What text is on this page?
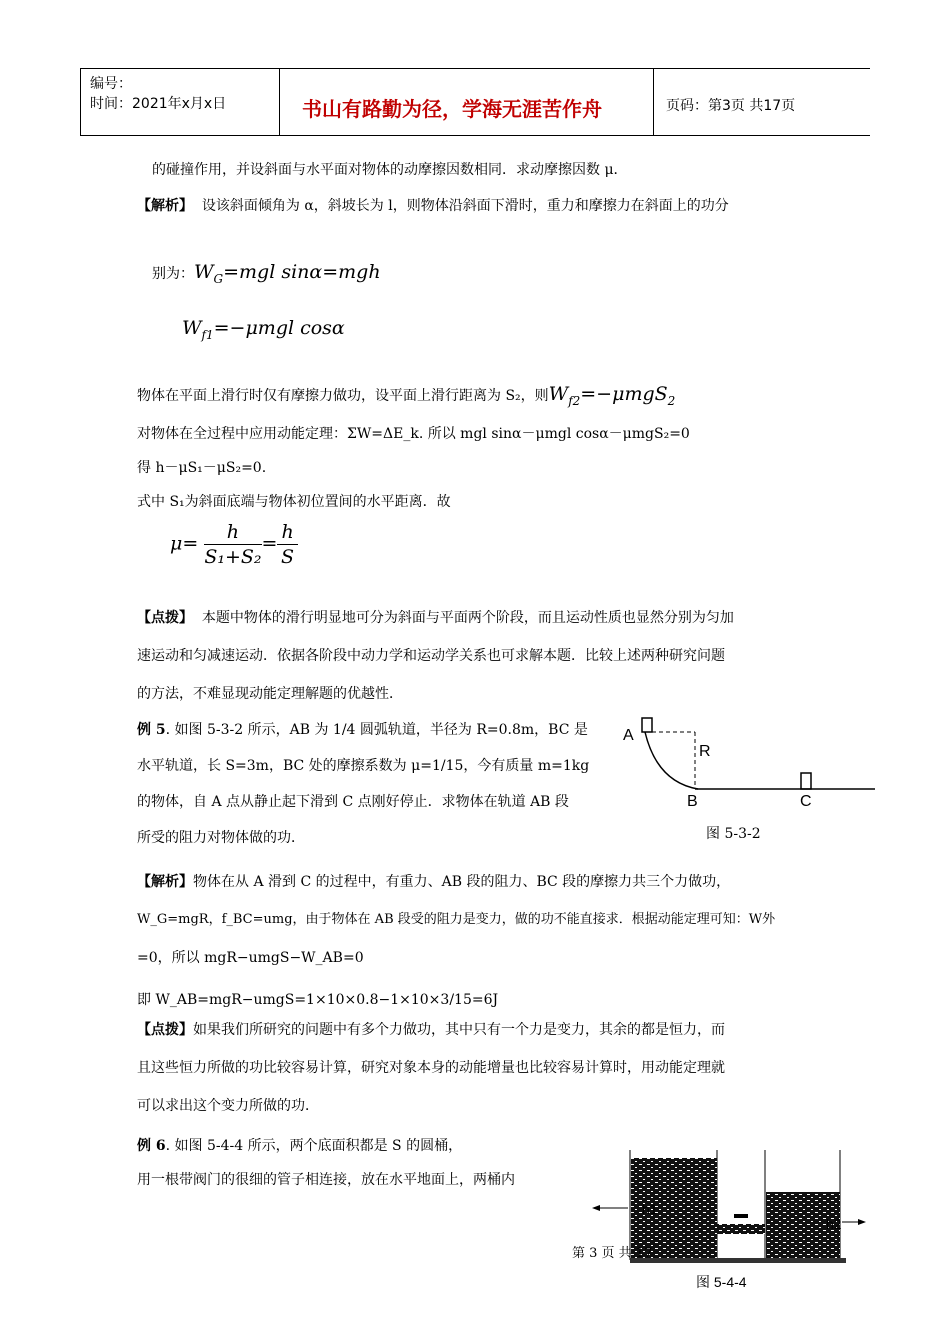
编号：
时间：2021年x月x日	书山有路勤为径，学海无涯苦作舟	页码：第3页 共17页
的碰撞作用，并设斜面与水平面对物体的动摩擦因数相同．求动摩擦因数 μ．
【解析】 设该斜面倾角为 α，斜坡长为 l，则物体沿斜面下滑时，重力和摩擦力在斜面上的功分
别为：$W_G=mgl$ sinα=mgh
$W_{f1}=-\mu mgl$ cosα
物体在平面上滑行时仅有摩擦力做功，设平面上滑行距离为 S₂，则$W_{f2}=-\mu mgS_2$
对物体在全过程中应用动能定理：ΣW=ΔE_k. 所以 mgl sinα－μmgl cosα－μmgS₂=0
得 h－μS₁－μS₂=0.
式中 S₁为斜面底端与物体初位置间的水平距离．故
$\mu= \frac{h}{\text{S₁+S₂}} = \frac{h}{S}$
【点拨】 本题中物体的滑行明显地可分为斜面与平面两个阶段，而且运动性质也显然分别为匀加
速运动和匀减速运动．依据各阶段中动力学和运动学关系也可求解本题．比较上述两种研究问题
的方法，不难显现动能定理解题的优越性．
例 5. 如图 5-3-2 所示，AB 为 1/4 圆弧轨道，半径为 R=0.8m，BC 是
水平轨道，长 S=3m，BC 处的摩擦系数为 μ=1/15，今有质量 m=1kg
的物体，自 A 点从静止起下滑到 C 点刚好停止．求物体在轨道 AB 段
所受的阻力对物体做的功．
A
R
B	C
图 5-3-2
【解析】物体在从 A 滑到 C 的过程中，有重力、AB 段的阻力、BC 段的摩擦力共三个力做功，
W_G=mgR，f_BC=umg，由于物体在 AB 段受的阻力是变力，做的功不能直接求．根据动能定理可知：W外
=0，所以 mgR−umgS−W_AB=0
即 W_AB=mgR−umgS=1×10×0.8−1×10×3/15=6J
【点拨】如果我们所研究的问题中有多个力做功，其中只有一个力是变力，其余的都是恒力，而
且这些恒力所做的功比较容易计算，研究对象本身的动能增量也比较容易计算时，用动能定理就
可以求出这个变力所做的功．
例 6. 如图 5-4-4 所示，两个底面积都是 S 的圆桶，
用一根带阀门的很细的管子相连接，放在水平地面上，两桶内
h1
h2
第 3 页 共 17
图 5-4-4
